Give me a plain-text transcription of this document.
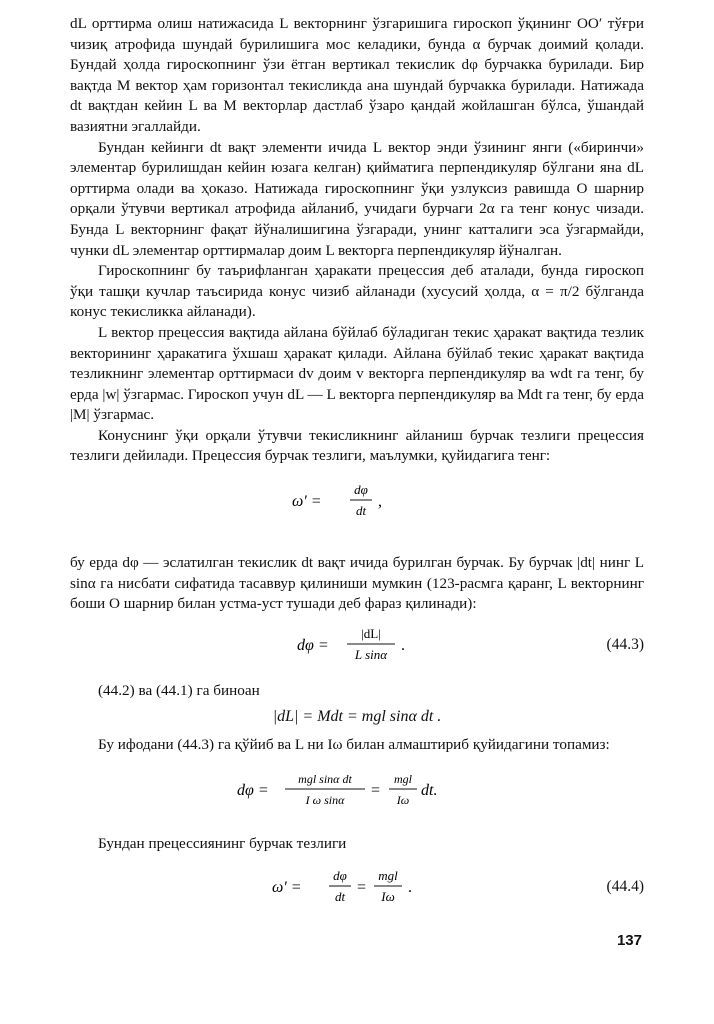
dL орттирма олиш натижасида L векторнинг ўзгаришига гироскоп ўқининг OO′ тўғри чизиқ атрофида шундай бурилишига мос келадики, бунда α бурчак доимий қолади. Бундай ҳолда гироскопнинг ўзи ётган вертикал текислик dφ бурчакка бурилади. Бир вақтда M вектор ҳам горизонтал текисликда ана шундай бурчакка бурилади. Натижада dt вақтдан кейин L ва M векторлар дастлаб ўзаро қандай жойлашган бўлса, ўшандай вазиятни эгаллайди.

Бундан кейинги dt вақт элементи ичида L вектор энди ўзининг янги («биринчи» элементар бурилишдан кейин юзага келган) қийматига перпендикуляр бўлгани яна dL орттирма олади ва ҳоказо. Натижада гироскопнинг ўқи узлуксиз равишда O шарнир орқали ўтувчи вертикал атрофида айланиб, учидаги бурчаги 2α га тенг конус чизади. Бунда L векторнинг фақат йўналишигина ўзгаради, унинг катталиги эса ўзгармайди, чунки dL элементар орттирмалар доим L векторга перпендикуляр йўналган.

Гироскопнинг бу таърифланган ҳаракати прецессия деб аталади, бунда гироскоп ўқи ташқи кучлар таъсирида конус чизиб айланади (хусусий ҳолда, α = π/2 бўлганда конус текисликка айланади).

L вектор прецессия вақтида айлана бўйлаб бўладиган текис ҳаракат вақтида тезлик векторининг ҳаракатига ўхшаш ҳаракат қилади. Айлана бўйлаб текис ҳаракат вақтида тезликнинг элементар орттирмаси dv доим v векторга перпендикуляр ва wdt га тенг, бу ерда |w| ўзгармас. Гироскоп учун dL — L векторга перпендикуляр ва Mdt га тенг, бу ерда |M| ўзгармас.

Конуснинг ўқи орқали ўтувчи текисликнинг айланиш бурчак тезлиги прецессия тезлиги дейилади. Прецессия бурчак тезлиги, маълумки, қуйидагига тенг:

ω′ =
dφ
dt
,

бу ерда dφ — эслатилган текислик dt вақт ичида бурилган бурчак. Бу бурчак |dt| нинг L sinα га нисбати сифатида тасаввур қилиниши мумкин (123-расмга қаранг, L векторнинг боши O шарнир билан устма-уст тушади деб фараз қилинади):

dφ =
|dL|
L sinα
.	(44.3)

(44.2) ва (44.1) га биноан

|dL| = Mdt = mgl sinα dt .

Бу ифодани (44.3) га қўйиб ва L ни Iω билан алмаштириб қуйидагини топамиз:

dφ =
mgl sinα dt
I ω sinα
=
mgl
Iω
dt.

Бундан прецессиянинг бурчак тезлиги

ω′ =
dφ
dt
=
mgl
Iω
.	(44.4)
137
